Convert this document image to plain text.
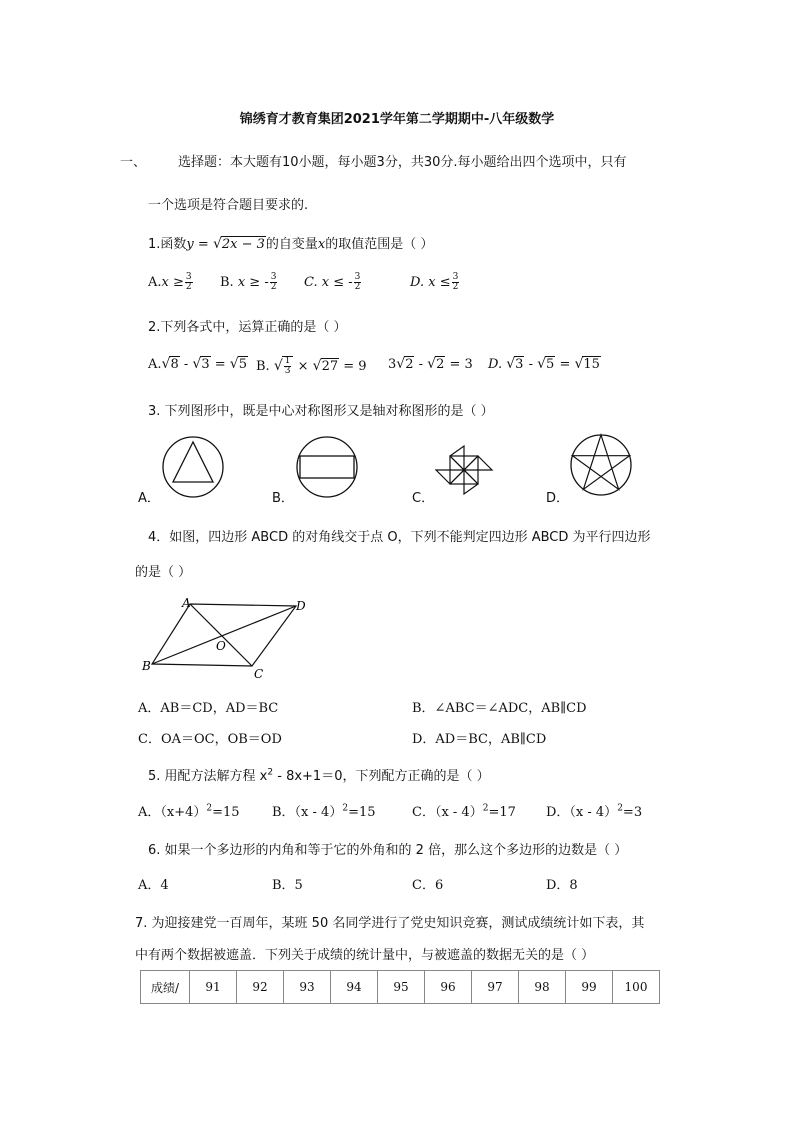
锦绣育才教育集团2021学年第二学期期中-八年级数学
一、 选择题：本大题有10小题，每小题3分，共30分.每小题给出四个选项中，只有
一个选项是符合题目要求的.
1.函数y = √2x − 3的自变量x的取值范围是（ ）
$A.x \ge \frac{3}{2} B$. x ≥ - $\frac{3}{2} C$. x ≤ - $\frac{3}{2}$	D. $x \le \frac{3}{2}$
2.下列各式中，运算正确的是（ ）
A.√8 - √3 = √5 B. √ $\frac{1}{3} \times √27 = 9$ 3√2 - √2 = 3 D. √3 - √5 = √15
3. 下列图形中，既是中心对称图形又是轴对称图形的是（ ）
A．	B．	C．	D．
4．如图，四边形 ABCD 的对角线交于点 O，下列不能判定四边形 ABCD 为平行四边形
的是（ ）
A	D
B
C
O
A．AB＝CD，AD＝BC	B．∠ABC＝∠ADC，AB∥CD
C．OA＝OC，OB＝OD	D．AD＝BC，AB∥CD
5. 用配方法解方程 $x^2 - 8x+1=0$，下列配方正确的是（ ）
A．$(x+4)^2=15$ B．（x - 4）$^2$=15	C．（x - 4）$^2$=17 D．（x - 4）$^2$=3
6. 如果一个多边形的内角和等于它的外角和的 2 倍，那么这个多边形的边数是（ ）
A．4	B．5	C．6	D．8
7. 为迎接建党一百周年，某班 50 名同学进行了党史知识竞赛，测试成绩统计如下表，其
中有两个数据被遮盖．下列关于成绩的统计量中，与被遮盖的数据无关的是（ ）
成绩/	91	92	93	94	95	96	97	98	99	100
